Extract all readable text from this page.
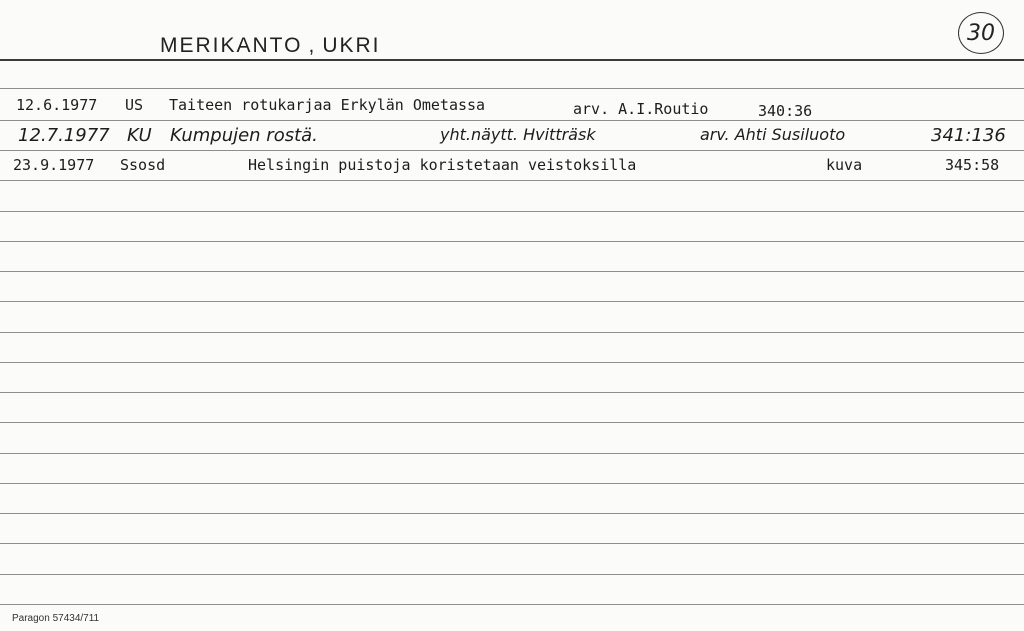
MERIKANTO , UKRI	30
12.6.1977 US Taiteen rotukarjaa Erkylän Ometassa	arv. A.I.Routio	340:36
12.7.1977 KU Kumpujen rostä.	yht.näytt. Hvitträsk	arv. Ahti Susiluoto	341:136
23.9.1977 Ssosd	Helsingin puistoja koristetaan veistoksilla	kuva	345:58
Paragon 57434/711
